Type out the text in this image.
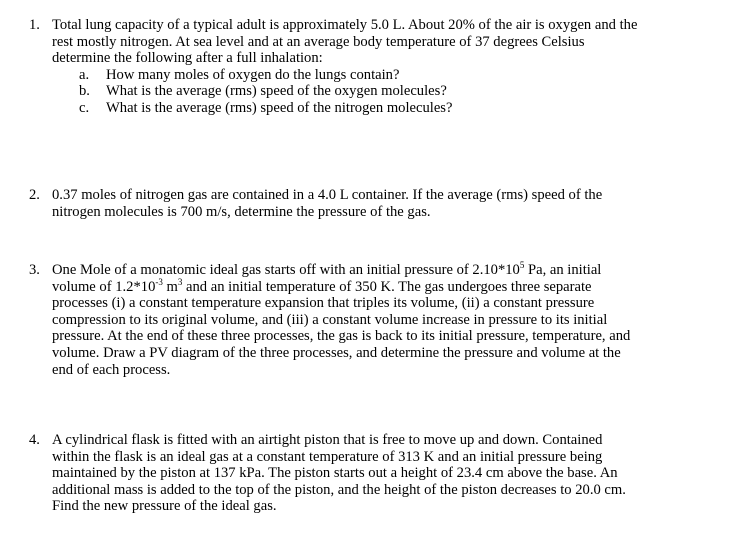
1. Total lung capacity of a typical adult is approximately 5.0 L. About 20% of the air is oxygen and the
rest mostly nitrogen. At sea level and at an average body temperature of 37 degrees Celsius
determine the following after a full inhalation:
a. How many moles of oxygen do the lungs contain?
b. What is the average (rms) speed of the oxygen molecules?
c. What is the average (rms) speed of the nitrogen molecules?
2. 0.37 moles of nitrogen gas are contained in a 4.0 L container. If the average (rms) speed of the
nitrogen molecules is 700 m/s, determine the pressure of the gas.
3. One Mole of a monatomic ideal gas starts off with an initial pressure of $2.10*10^5$ Pa, an initial
volume of $1.2*10^{-3}$ $m^3$ and an initial temperature of 350 K. The gas undergoes three separate
processes (i) a constant temperature expansion that triples its volume, (ii) a constant pressure
compression to its original volume, and (iii) a constant volume increase in pressure to its initial
pressure. At the end of these three processes, the gas is back to its initial pressure, temperature, and
volume. Draw a PV diagram of the three processes, and determine the pressure and volume at the
end of each process.
4. A cylindrical flask is fitted with an airtight piston that is free to move up and down. Contained
within the flask is an ideal gas at a constant temperature of 313 K and an initial pressure being
maintained by the piston at 137 kPa. The piston starts out a height of 23.4 cm above the base. An
additional mass is added to the top of the piston, and the height of the piston decreases to 20.0 cm.
Find the new pressure of the ideal gas.
